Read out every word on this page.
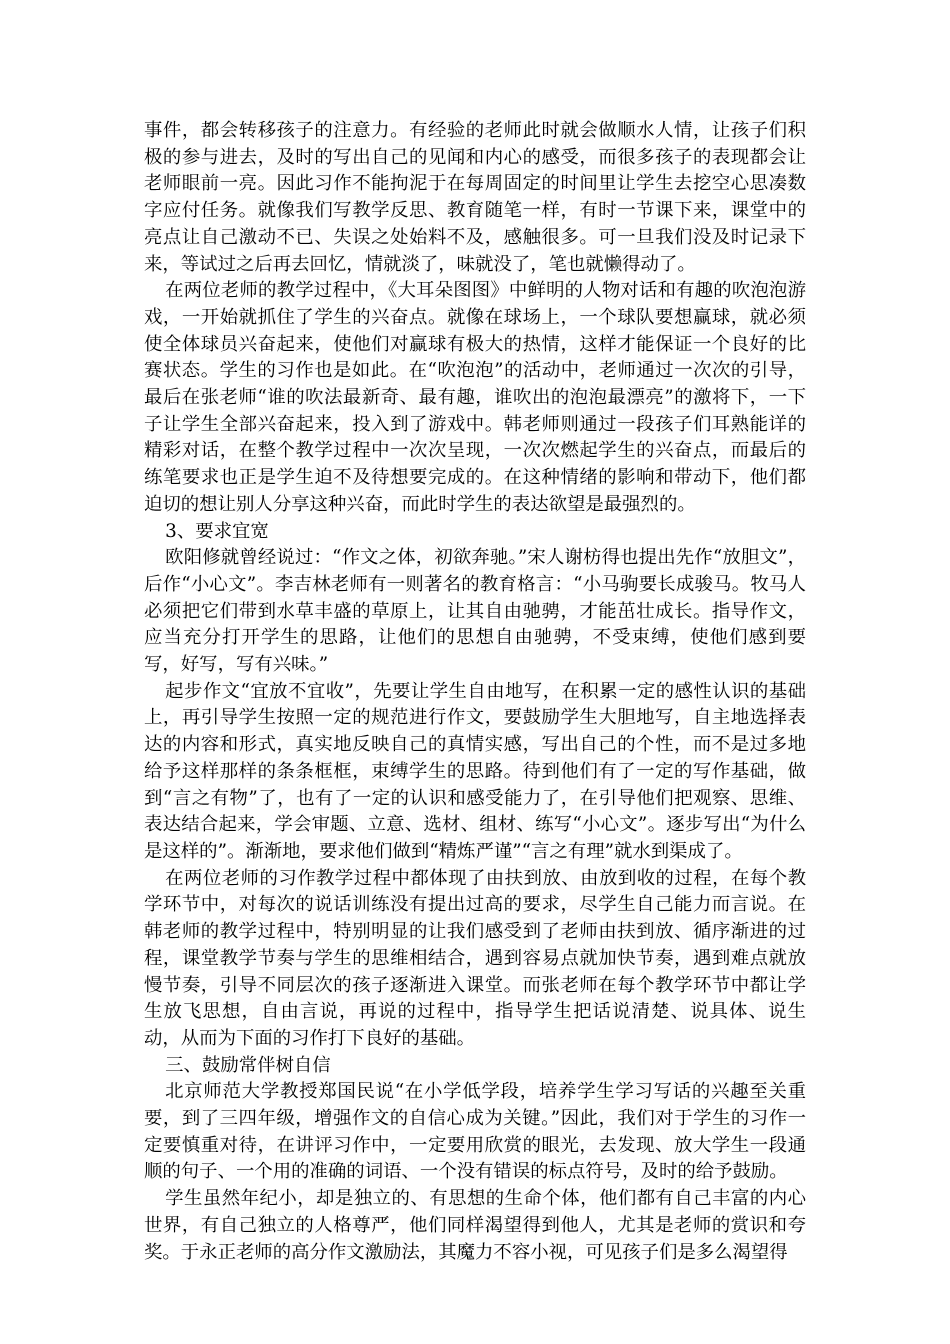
事件，都会转移孩子的注意力。有经验的老师此时就会做顺水人情，让孩子们积极的参与进去，及时的写出自己的见闻和内心的感受，而很多孩子的表现都会让老师眼前一亮。因此习作不能拘泥于在每周固定的时间里让学生去挖空心思凑数字应付任务。就像我们写教学反思、教育随笔一样，有时一节课下来，课堂中的亮点让自己激动不已、失误之处始料不及，感触很多。可一旦我们没及时记录下来，等试过之后再去回忆，情就淡了，味就没了，笔也就懒得动了。

在两位老师的教学过程中，《大耳朵图图》中鲜明的人物对话和有趣的吹泡泡游戏，一开始就抓住了学生的兴奋点。就像在球场上，一个球队要想赢球，就必须使全体球员兴奋起来，使他们对赢球有极大的热情，这样才能保证一个良好的比赛状态。学生的习作也是如此。在“吹泡泡”的活动中，老师通过一次次的引导，最后在张老师“谁的吹法最新奇、最有趣，谁吹出的泡泡最漂亮”的激将下，一下子让学生全部兴奋起来，投入到了游戏中。韩老师则通过一段孩子们耳熟能详的精彩对话，在整个教学过程中一次次呈现，一次次燃起学生的兴奋点，而最后的练笔要求也正是学生迫不及待想要完成的。在这种情绪的影响和带动下，他们都迫切的想让别人分享这种兴奋，而此时学生的表达欲望是最强烈的。

3、要求宜宽

欧阳修就曾经说过：“作文之体，初欲奔驰。”宋人谢枋得也提出先作“放胆文”，后作“小心文”。李吉林老师有一则著名的教育格言：“小马驹要长成骏马。牧马人必须把它们带到水草丰盛的草原上，让其自由驰骋，才能茁壮成长。指导作文，应当充分打开学生的思路，让他们的思想自由驰骋，不受束缚，使他们感到要写，好写，写有兴味。”

起步作文“宜放不宜收”，先要让学生自由地写，在积累一定的感性认识的基础上，再引导学生按照一定的规范进行作文，要鼓励学生大胆地写，自主地选择表达的内容和形式，真实地反映自己的真情实感，写出自己的个性，而不是过多地给予这样那样的条条框框，束缚学生的思路。待到他们有了一定的写作基础，做到“言之有物”了，也有了一定的认识和感受能力了，在引导他们把观察、思维、表达结合起来，学会审题、立意、选材、组材、练写“小心文”。逐步写出“为什么是这样的”。渐渐地，要求他们做到“精炼严谨”“言之有理”就水到渠成了。

在两位老师的习作教学过程中都体现了由扶到放、由放到收的过程，在每个教学环节中，对每次的说话训练没有提出过高的要求，尽学生自己能力而言说。在韩老师的教学过程中，特别明显的让我们感受到了老师由扶到放、循序渐进的过程，课堂教学节奏与学生的思维相结合，遇到容易点就加快节奏，遇到难点就放慢节奏，引导不同层次的孩子逐渐进入课堂。而张老师在每个教学环节中都让学生放飞思想，自由言说，再说的过程中，指导学生把话说清楚、说具体、说生动，从而为下面的习作打下良好的基础。

三、鼓励常伴树自信

北京师范大学教授郑国民说“在小学低学段，培养学生学习写话的兴趣至关重要，到了三四年级，增强作文的自信心成为关键。”因此，我们对于学生的习作一定要慎重对待，在讲评习作中，一定要用欣赏的眼光，去发现、放大学生一段通顺的句子、一个用的准确的词语、一个没有错误的标点符号，及时的给予鼓励。

学生虽然年纪小，却是独立的、有思想的生命个体，他们都有自己丰富的内心世界，有自己独立的人格尊严，他们同样渴望得到他人，尤其是老师的赏识和夸奖。于永正老师的高分作文激励法，其魔力不容小视，可见孩子们是多么渴望得
